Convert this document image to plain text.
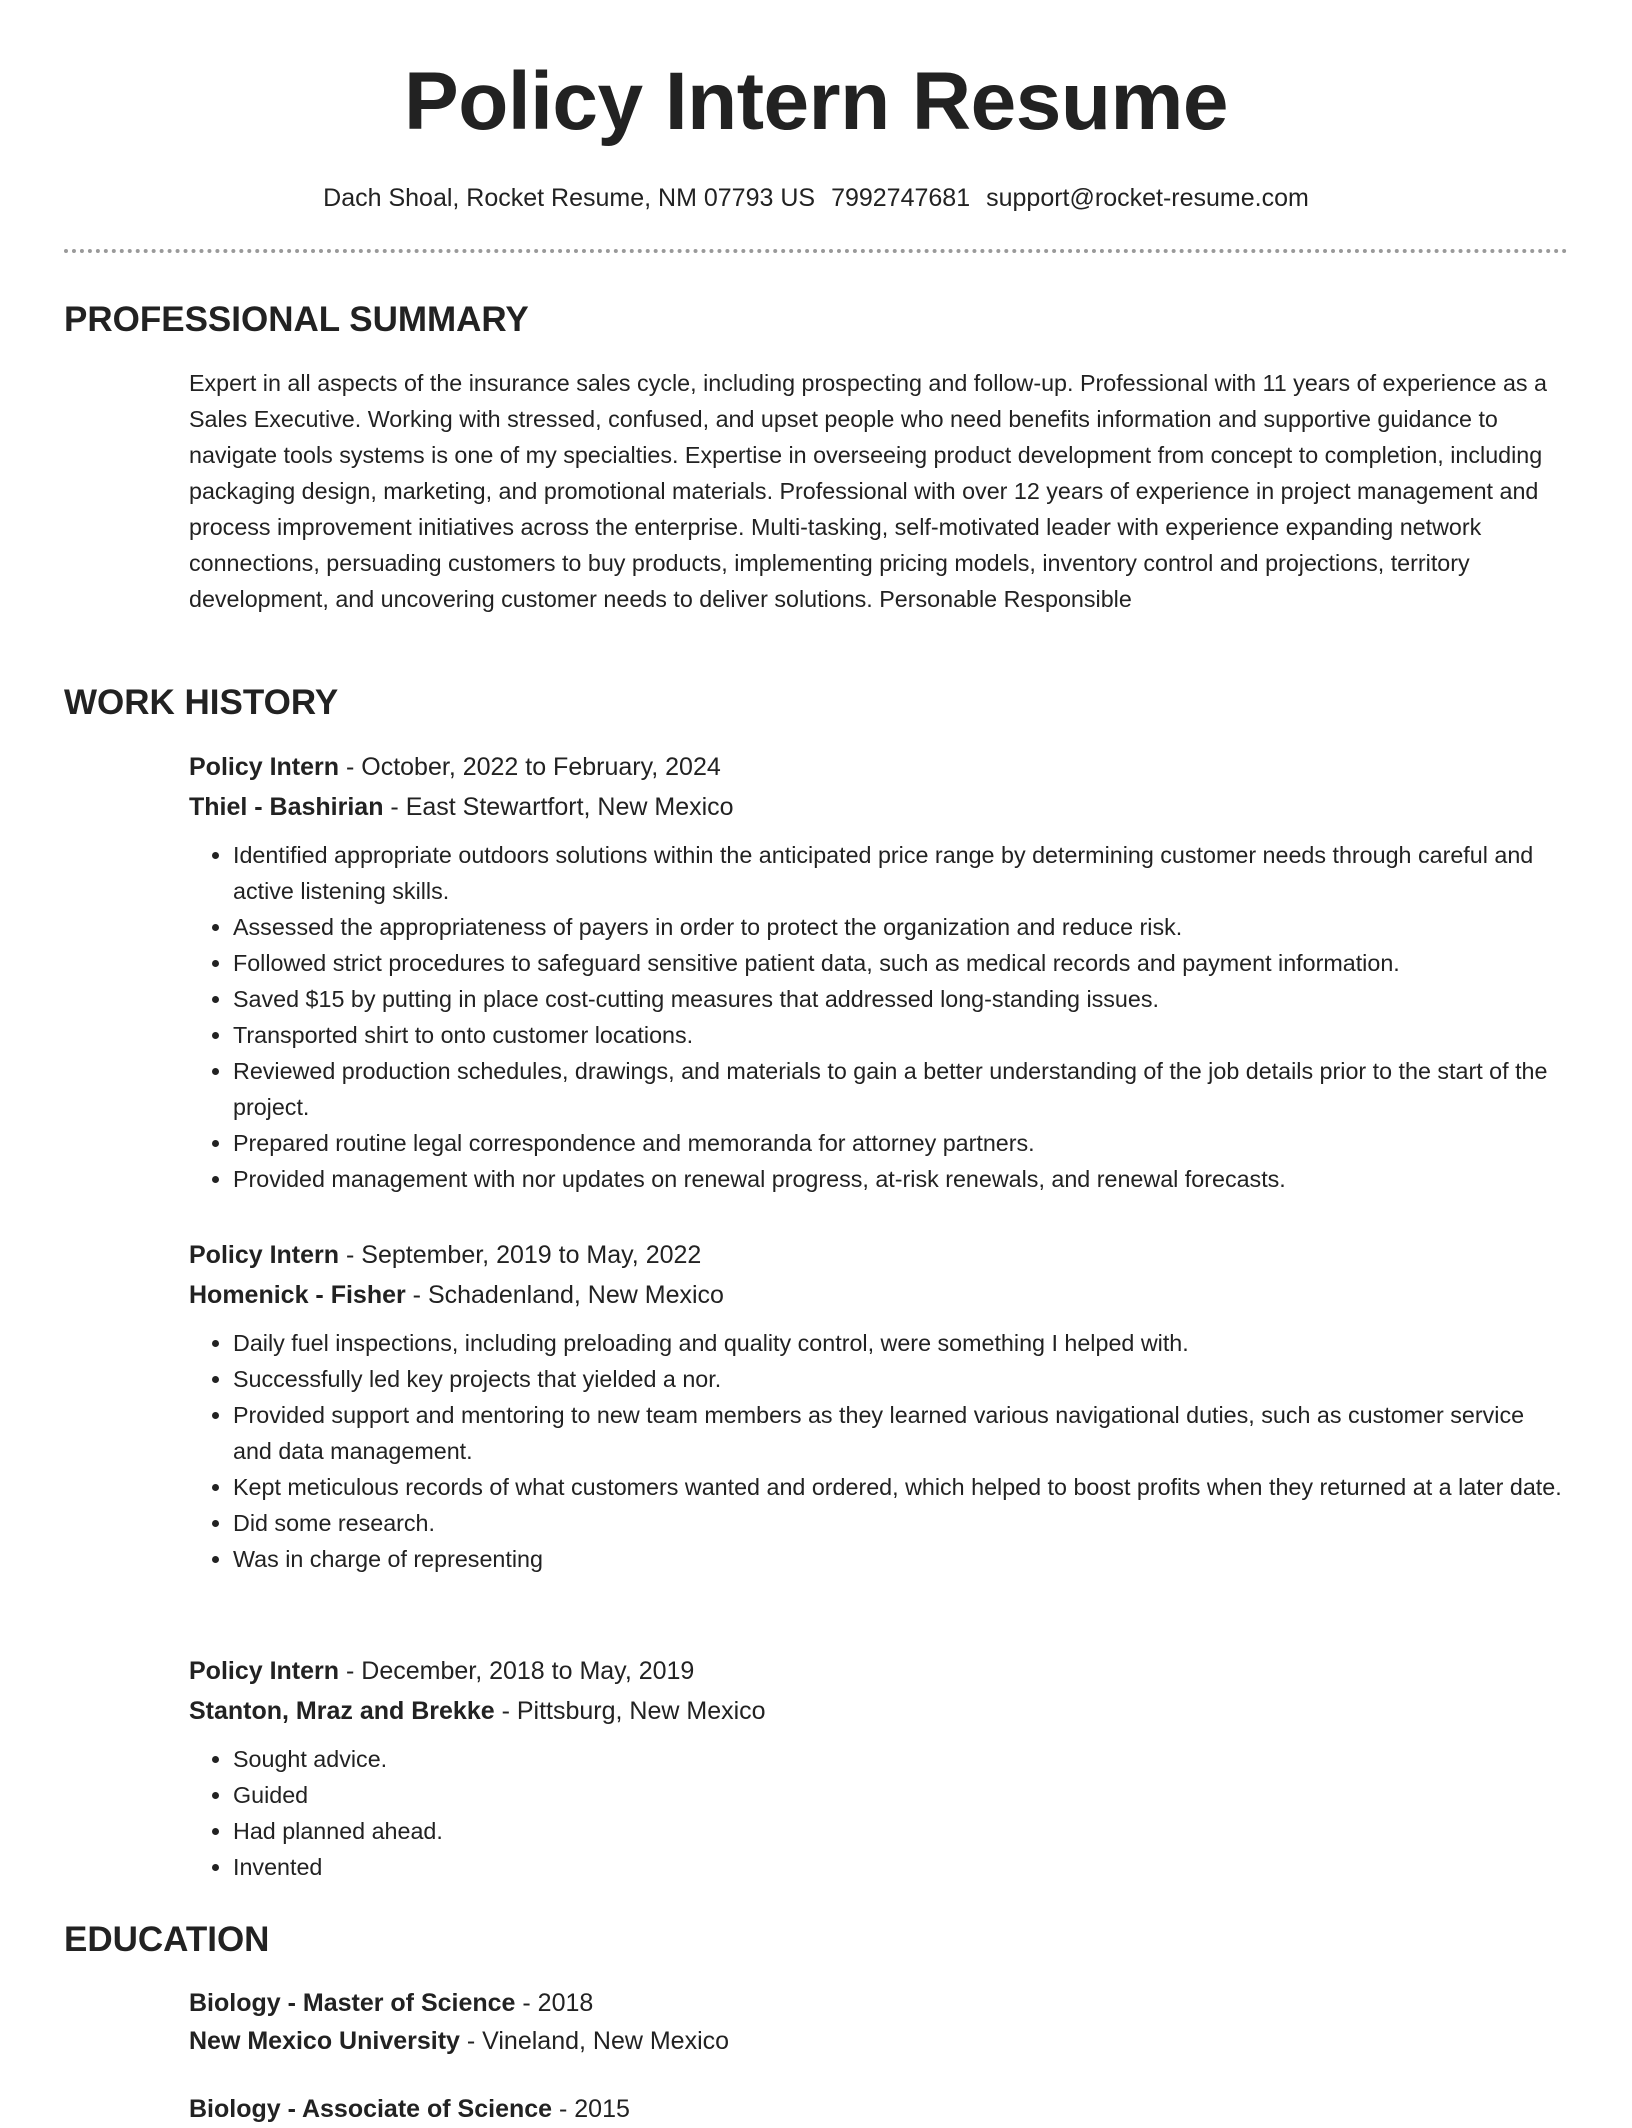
Policy Intern Resume
Dach Shoal, Rocket Resume, NM 07793 US 7992747681 support@rocket-resume.com
PROFESSIONAL SUMMARY

Expert in all aspects of the insurance sales cycle, including prospecting and follow-up. Professional with 11 years of experience as a Sales Executive. Working with stressed, confused, and upset people who need benefits information and supportive guidance to navigate tools systems is one of my specialties. Expertise in overseeing product development from concept to completion, including packaging design, marketing, and promotional materials. Professional with over 12 years of experience in project management and process improvement initiatives across the enterprise. Multi-tasking, self-motivated leader with experience expanding network connections, persuading customers to buy products, implementing pricing models, inventory control and projections, territory development, and uncovering customer needs to deliver solutions. Personable Responsible

WORK HISTORY

Policy Intern - October, 2022 to February, 2024

Thiel - Bashirian - East Stewartfort, New Mexico

• Identified appropriate outdoors solutions within the anticipated price range by determining customer needs through careful and active listening skills.
• Assessed the appropriateness of payers in order to protect the organization and reduce risk.
• Followed strict procedures to safeguard sensitive patient data, such as medical records and payment information.
• Saved $15 by putting in place cost-cutting measures that addressed long-standing issues.
• Transported shirt to onto customer locations.
• Reviewed production schedules, drawings, and materials to gain a better understanding of the job details prior to the start of the project.
• Prepared routine legal correspondence and memoranda for attorney partners.
• Provided management with nor updates on renewal progress, at-risk renewals, and renewal forecasts.

Policy Intern - September, 2019 to May, 2022

Homenick - Fisher - Schadenland, New Mexico

• Daily fuel inspections, including preloading and quality control, were something I helped with.
• Successfully led key projects that yielded a nor.
• Provided support and mentoring to new team members as they learned various navigational duties, such as customer service and data management.
• Kept meticulous records of what customers wanted and ordered, which helped to boost profits when they returned at a later date.
• Did some research.
• Was in charge of representing

Policy Intern - December, 2018 to May, 2019

Stanton, Mraz and Brekke - Pittsburg, New Mexico

• Sought advice.
• Guided
• Had planned ahead.
• Invented
EDUCATION

Biology - Master of Science - 2018

New Mexico University - Vineland, New Mexico

Biology - Associate of Science - 2015
